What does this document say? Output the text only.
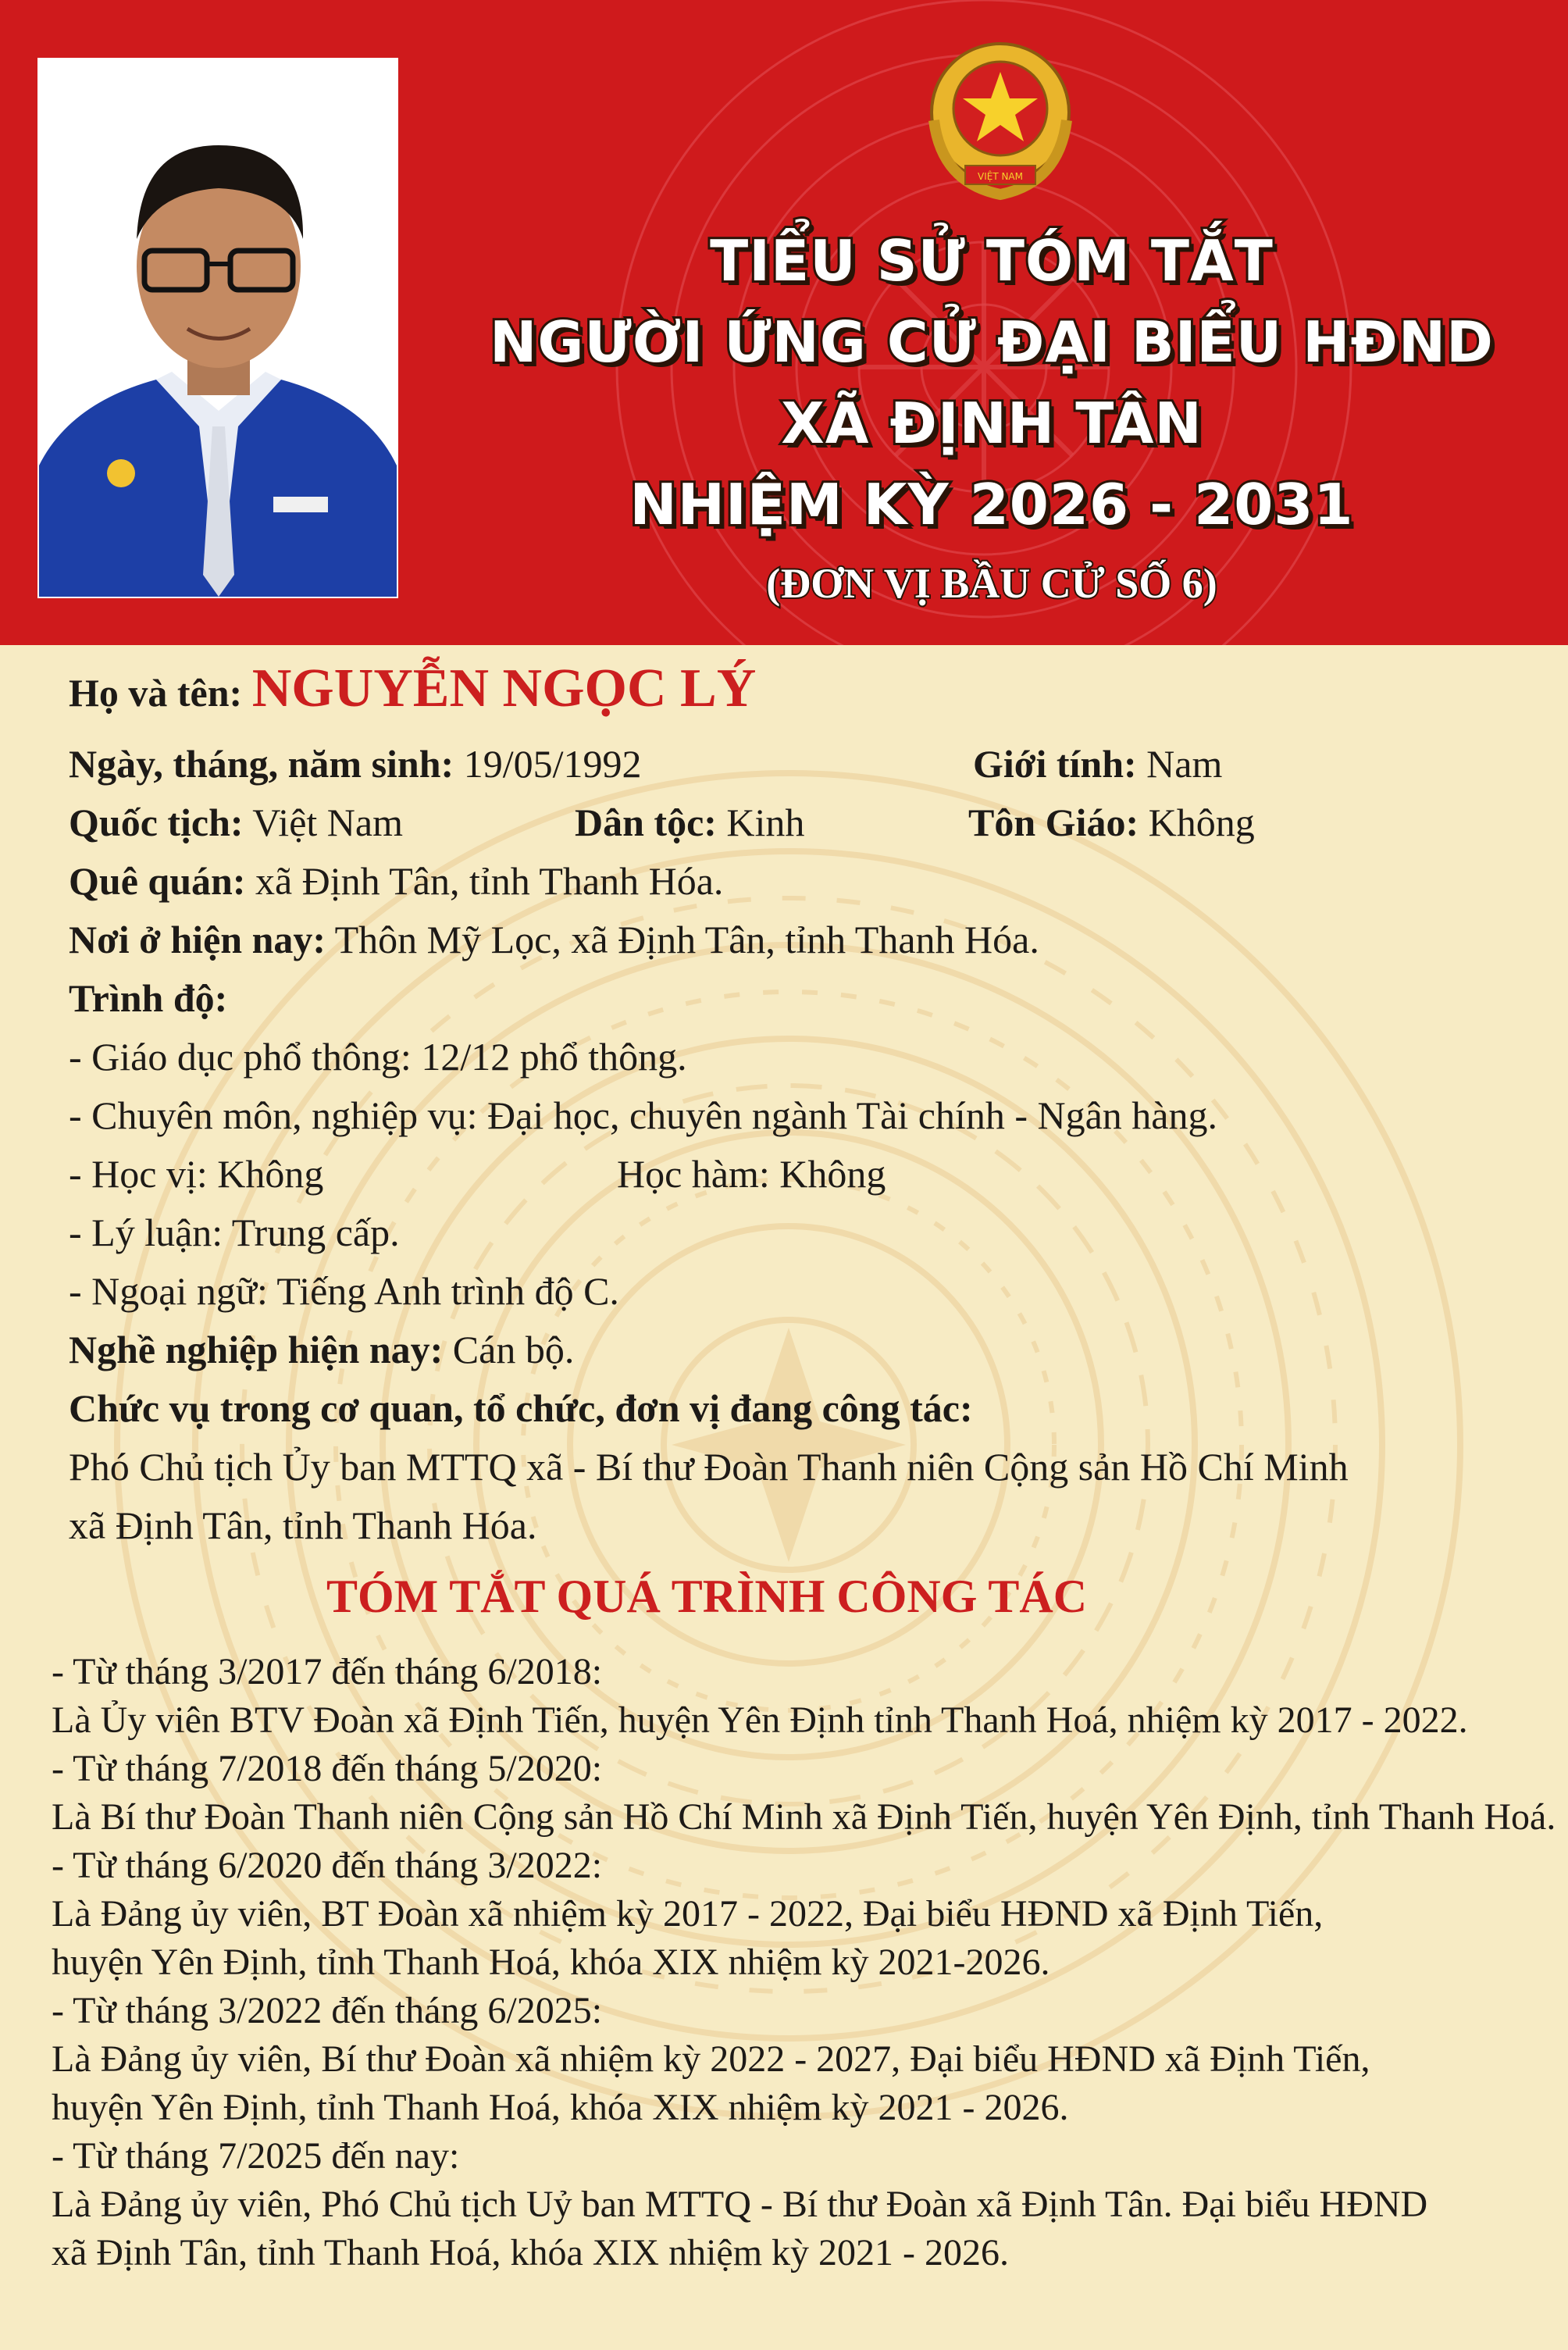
VIỆT NAM
TIỂU SỬ TÓM TẮT
NGƯỜI ỨNG CỬ ĐẠI BIỂU HĐND
XÃ ĐỊNH TÂN
NHIỆM KỲ 2026 - 2031
(ĐƠN VỊ BẦU CỬ SỐ 6)
Họ và tên: NGUYỄN NGỌC LÝ
Ngày, tháng, năm sinh: 19/05/1992	Giới tính: Nam
Quốc tịch: Việt Nam	Dân tộc: Kinh	Tôn Giáo: Không
Quê quán: xã Định Tân, tỉnh Thanh Hóa.
Nơi ở hiện nay: Thôn Mỹ Lọc, xã Định Tân, tỉnh Thanh Hóa.
Trình độ:
- Giáo dục phổ thông: 12/12 phổ thông.
- Chuyên môn, nghiệp vụ: Đại học, chuyên ngành Tài chính - Ngân hàng.
- Học vị: Không	Học hàm: Không
- Lý luận: Trung cấp.
- Ngoại ngữ: Tiếng Anh trình độ C.
Nghề nghiệp hiện nay: Cán bộ.
Chức vụ trong cơ quan, tổ chức, đơn vị đang công tác:
Phó Chủ tịch Ủy ban MTTQ xã - Bí thư Đoàn Thanh niên Cộng sản Hồ Chí Minh
xã Định Tân, tỉnh Thanh Hóa.
TÓM TẮT QUÁ TRÌNH CÔNG TÁC
- Từ tháng 3/2017 đến tháng 6/2018:
Là Ủy viên BTV Đoàn xã Định Tiến, huyện Yên Định tỉnh Thanh Hoá, nhiệm kỳ 2017 - 2022.
- Từ tháng 7/2018 đến tháng 5/2020:
Là Bí thư Đoàn Thanh niên Cộng sản Hồ Chí Minh xã Định Tiến, huyện Yên Định, tỉnh Thanh Hoá.
- Từ tháng 6/2020 đến tháng 3/2022:
Là Đảng ủy viên, BT Đoàn xã nhiệm kỳ 2017 - 2022, Đại biểu HĐND xã Định Tiến,
huyện Yên Định, tỉnh Thanh Hoá, khóa XIX nhiệm kỳ 2021-2026.
- Từ tháng 3/2022 đến tháng 6/2025:
Là Đảng ủy viên, Bí thư Đoàn xã nhiệm kỳ 2022 - 2027, Đại biểu HĐND xã Định Tiến,
huyện Yên Định, tỉnh Thanh Hoá, khóa XIX nhiệm kỳ 2021 - 2026.
- Từ tháng 7/2025 đến nay:
Là Đảng ủy viên, Phó Chủ tịch Uỷ ban MTTQ - Bí thư Đoàn xã Định Tân. Đại biểu HĐND
xã Định Tân, tỉnh Thanh Hoá, khóa XIX nhiệm kỳ 2021 - 2026.
